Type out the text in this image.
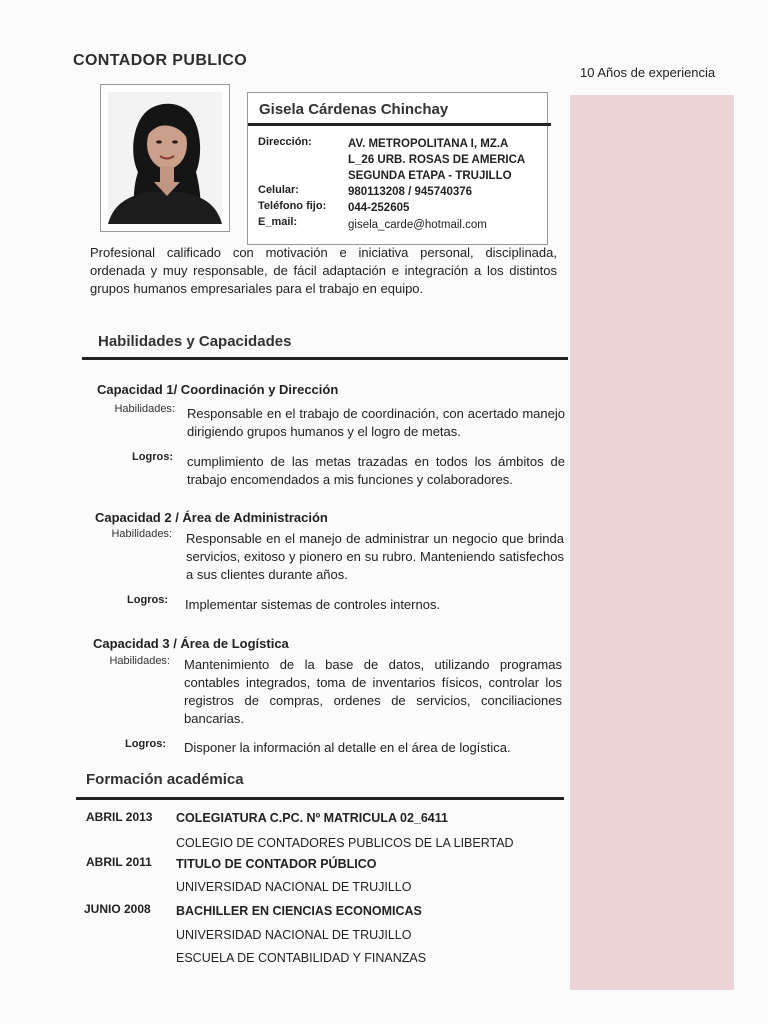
CONTADOR PUBLICO
10 Años de experiencia
Gisela Cárdenas Chinchay
Dirección:	AV. METROPOLITANA I, MZ.A
L_26 URB. ROSAS DE AMERICA
SEGUNDA ETAPA - TRUJILLO
Celular:	980113208 / 945740376
Teléfono fijo: 044-252605
E_mail:	gisela_carde@hotmail.com
Profesional calificado con motivación e iniciativa personal, disciplinada, ordenada y muy responsable, de fácil adaptación e integración a los distintos grupos humanos empresariales para el trabajo en equipo.
Habilidades y Capacidades
Capacidad 1/ Coordinación y Dirección
Habilidades: Responsable en el trabajo de coordinación, con acertado manejo dirigiendo grupos humanos y el logro de metas.
Logros: cumplimiento de las metas trazadas en todos los ámbitos de trabajo encomendados a mis funciones y colaboradores.
Capacidad 2 / Área de Administración
Habilidades: Responsable en el manejo de administrar un negocio que brinda servicios, exitoso y pionero en su rubro. Manteniendo satisfechos a sus clientes durante años.
Logros: Implementar sistemas de controles internos.
Capacidad 3 / Área de Logística
Habilidades: Mantenimiento de la base de datos, utilizando programas contables integrados, toma de inventarios físicos, controlar los registros de compras, ordenes de servicios, conciliaciones bancarias.
Logros: Disponer la información al detalle en el área de logística.
Formación académica
ABRIL 2013 COLEGIATURA C.PC. Nº MATRICULA 02_6411
COLEGIO DE CONTADORES PUBLICOS DE LA LIBERTAD
ABRIL 2011 TITULO DE CONTADOR PÚBLICO
UNIVERSIDAD NACIONAL DE TRUJILLO
JUNIO 2008 BACHILLER EN CIENCIAS ECONOMICAS
UNIVERSIDAD NACIONAL DE TRUJILLO
ESCUELA DE CONTABILIDAD Y FINANZAS
